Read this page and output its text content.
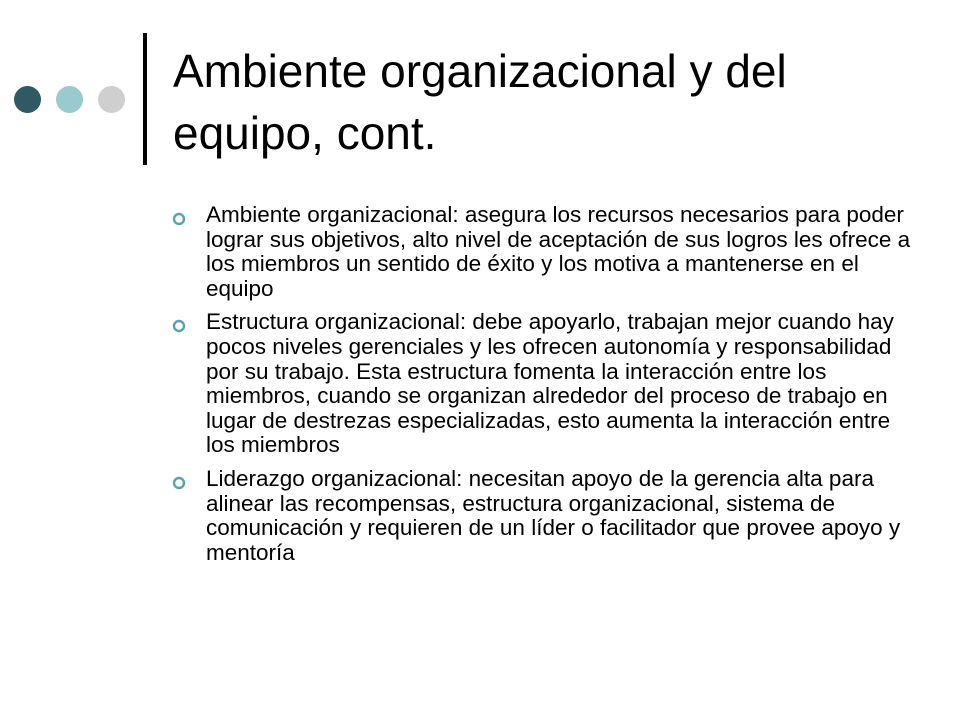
Ambiente organizacional y del equipo, cont.
Ambiente organizacional: asegura los recursos necesarios para poder lograr sus objetivos, alto nivel de aceptación de sus logros les ofrece a los miembros un sentido de éxito y los motiva a mantenerse en el equipo
Estructura organizacional: debe apoyarlo, trabajan mejor cuando hay pocos niveles gerenciales y les ofrecen autonomía y responsabilidad por su trabajo. Esta estructura fomenta la interacción entre los miembros, cuando se organizan alrededor del proceso de trabajo en lugar de destrezas especializadas, esto aumenta la interacción entre los miembros
Liderazgo organizacional: necesitan apoyo de la gerencia alta para alinear las recompensas, estructura organizacional, sistema de comunicación y requieren de un líder o facilitador que provee apoyo y mentoría
